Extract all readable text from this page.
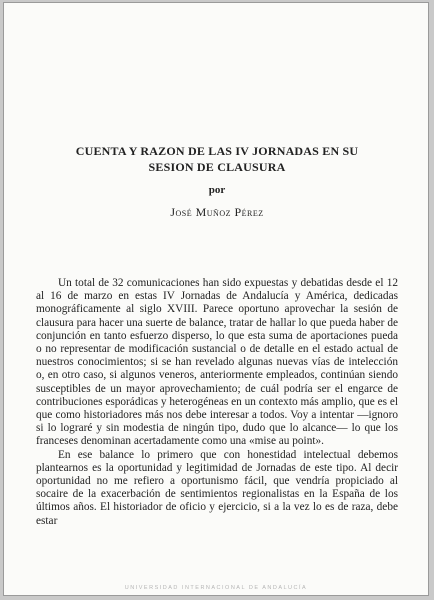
CUENTA Y RAZON DE LAS IV JORNADAS EN SU
SESION DE CLAUSURA
por
José Muñoz Pérez

Un total de 32 comunicaciones han sido expuestas y debatidas desde el 12 al 16 de marzo en estas IV Jornadas de Andalucía y América, dedicadas monográficamente al siglo XVIII. Parece oportuno aprovechar la sesión de clausura para hacer una suerte de balance, tratar de hallar lo que pueda haber de conjunción en tanto esfuerzo disperso, lo que esta suma de aportaciones pueda o no representar de modificación sustancial o de detalle en el estado actual de nuestros conocimientos; si se han revelado algunas nuevas vías de intelección o, en otro caso, si algunos veneros, anteriormente empleados, continúan siendo susceptibles de un mayor aprovechamiento; de cuál podría ser el engarce de contribuciones esporádicas y heterogéneas en un contexto más amplio, que es el que como historiadores más nos debe interesar a todos. Voy a intentar —ignoro si lo lograré y sin modestia de ningún tipo, dudo que lo alcance— lo que los franceses denominan acertadamente como una «mise au point».

En ese balance lo primero que con honestidad intelectual debemos plantearnos es la oportunidad y legitimidad de Jornadas de este tipo. Al decir oportunidad no me refiero a oportunismo fácil, que vendría propiciado al socaire de la exacerbación de sentimientos regionalistas en la España de los últimos años. El historiador de oficio y ejercicio, si a la vez lo es de raza, debe estar

UNIVERSIDAD INTERNACIONAL DE ANDALUCÍA
